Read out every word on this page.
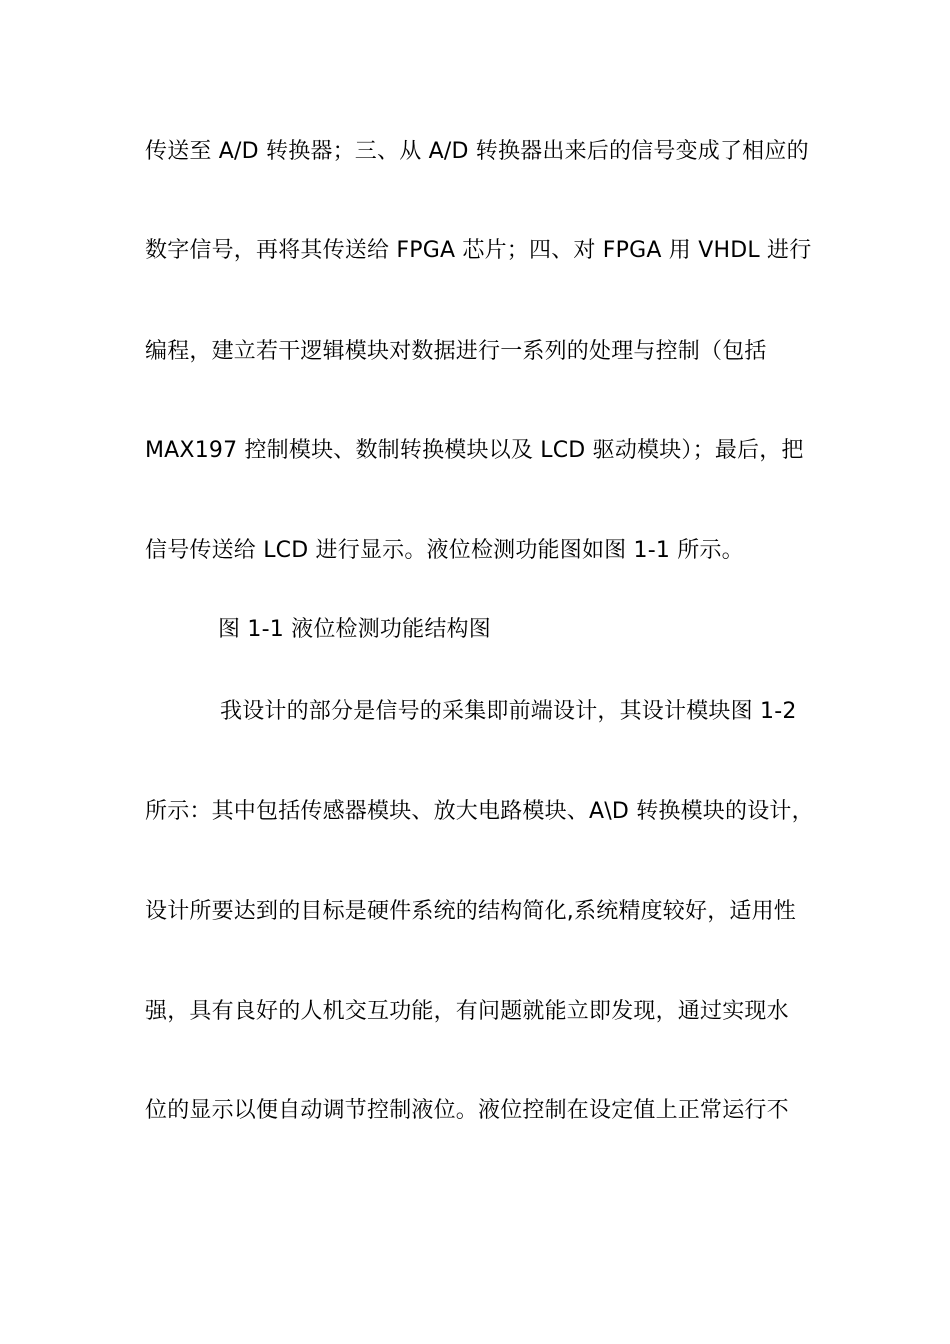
传送至 A/D 转换器；三、从 A/D 转换器出来后的信号变成了相应的
数字信号，再将其传送给 FPGA 芯片；四、对 FPGA 用 VHDL 进行
编程，建立若干逻辑模块对数据进行一系列的处理与控制（包括
MAX197 控制模块、数制转换模块以及 LCD 驱动模块）；最后，把
信号传送给 LCD 进行显示。液位检测功能图如图 1-1 所示。
图 1-1 液位检测功能结构图
我设计的部分是信号的采集即前端设计，其设计模块图 1-2
所示：其中包括传感器模块、放大电路模块、A\D 转换模块的设计，
设计所要达到的目标是硬件系统的结构简化,系统精度较好，适用性
强，具有良好的人机交互功能，有问题就能立即发现，通过实现水
位的显示以便自动调节控制液位。液位控制在设定值上正常运行不
